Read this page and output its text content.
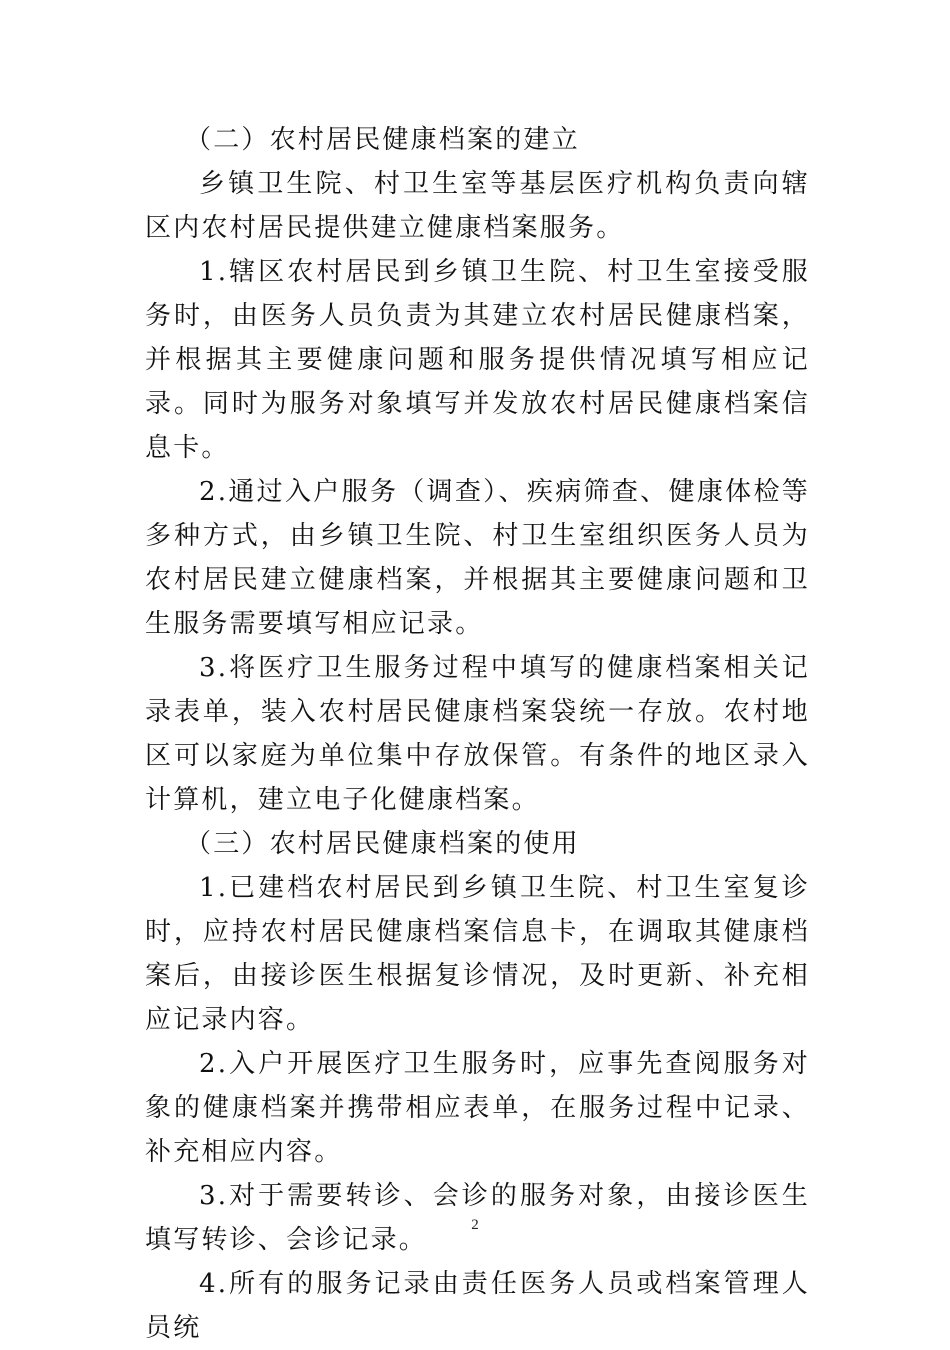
（二）农村居民健康档案的建立

乡镇卫生院、村卫生室等基层医疗机构负责向辖区内农村居民提供建立健康档案服务。

1.辖区农村居民到乡镇卫生院、村卫生室接受服务时，由医务人员负责为其建立农村居民健康档案，并根据其主要健康问题和服务提供情况填写相应记录。同时为服务对象填写并发放农村居民健康档案信息卡。

2.通过入户服务（调查）、疾病筛查、健康体检等多种方式，由乡镇卫生院、村卫生室组织医务人员为农村居民建立健康档案，并根据其主要健康问题和卫生服务需要填写相应记录。

3.将医疗卫生服务过程中填写的健康档案相关记录表单，装入农村居民健康档案袋统一存放。农村地区可以家庭为单位集中存放保管。有条件的地区录入计算机，建立电子化健康档案。

（三）农村居民健康档案的使用

1.已建档农村居民到乡镇卫生院、村卫生室复诊时，应持农村居民健康档案信息卡，在调取其健康档案后，由接诊医生根据复诊情况，及时更新、补充相应记录内容。

2.入户开展医疗卫生服务时，应事先查阅服务对象的健康档案并携带相应表单，在服务过程中记录、补充相应内容。

3.对于需要转诊、会诊的服务对象，由接诊医生填写转诊、会诊记录。

4.所有的服务记录由责任医务人员或档案管理人员统

2
